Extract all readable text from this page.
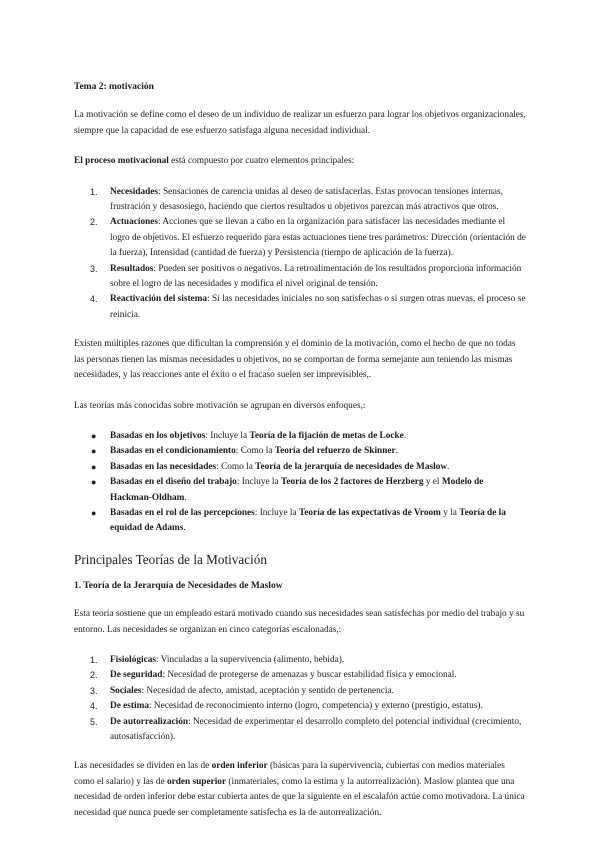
Tema 2: motivación

La motivación se define como el deseo de un individuo de realizar un esfuerzo para lograr los objetivos organizacionales, siempre que la capacidad de ese esfuerzo satisfaga alguna necesidad individual.

El proceso motivacional está compuesto por cuatro elementos principales:

1. Necesidades: Sensaciones de carencia unidas al deseo de satisfacerlas. Estas provocan tensiones internas, frustración y desasosiego, haciendo que ciertos resultados u objetivos parezcan más atractivos que otros.
2. Actuaciones: Acciones que se llevan a cabo en la organización para satisfacer las necesidades mediante el logro de objetivos. El esfuerzo requerido para estas actuaciones tiene tres parámetros: Dirección (orientación de la fuerza), Intensidad (cantidad de fuerza) y Persistencia (tiempo de aplicación de la fuerza).
3. Resultados: Pueden ser positivos o negativos. La retroalimentación de los resultados proporciona información sobre el logro de las necesidades y modifica el nivel original de tensión.
4. Reactivación del sistema: Si las necesidades iniciales no son satisfechas o si surgen otras nuevas, el proceso se reinicia.

Existen múltiples razones que dificultan la comprensión y el dominio de la motivación, como el hecho de que no todas las personas tienen las mismas necesidades u objetivos, no se comportan de forma semejante aun teniendo las mismas necesidades, y las reacciones ante el éxito o el fracaso suelen ser imprevisibles,.

Las teorías más conocidas sobre motivación se agrupan en diversos enfoques,:

● Basadas en los objetivos: Incluye la Teoría de la fijación de metas de Locke.
● Basadas en el condicionamiento: Como la Teoría del refuerzo de Skinner.
● Basadas en las necesidades: Como la Teoría de la jerarquía de necesidades de Maslow.
● Basadas en el diseño del trabajo: Incluye la Teoría de los 2 factores de Herzberg y el Modelo de Hackman-Oldham.
● Basadas en el rol de las percepciones: Incluye la Teoría de las expectativas de Vroom y la Teoría de la equidad de Adams.

Principales Teorías de la Motivación

1. Teoría de la Jerarquía de Necesidades de Maslow

Esta teoría sostiene que un empleado estará motivado cuando sus necesidades sean satisfechas por medio del trabajo y su entorno. Las necesidades se organizan en cinco categorías escalonadas,:

1. Fisiológicas: Vinculadas a la supervivencia (alimento, bebida).
2. De seguridad: Necesidad de protegerse de amenazas y buscar estabilidad física y emocional.
3. Sociales: Necesidad de afecto, amistad, aceptación y sentido de pertenencia.
4. De estima: Necesidad de reconocimiento interno (logro, competencia) y externo (prestigio, estatus).
5. De autorrealización: Necesidad de experimentar el desarrollo completo del potencial individual (crecimiento, autosatisfacción).

Las necesidades se dividen en las de orden inferior (básicas para la supervivencia, cubiertas con medios materiales como el salario) y las de orden superior (inmateriales, como la estima y la autorrealización). Maslow plantea que una necesidad de orden inferior debe estar cubierta antes de que la siguiente en el escalafón actúe como motivadora. La única necesidad que nunca puede ser completamente satisfecha es la de autorrealización.
